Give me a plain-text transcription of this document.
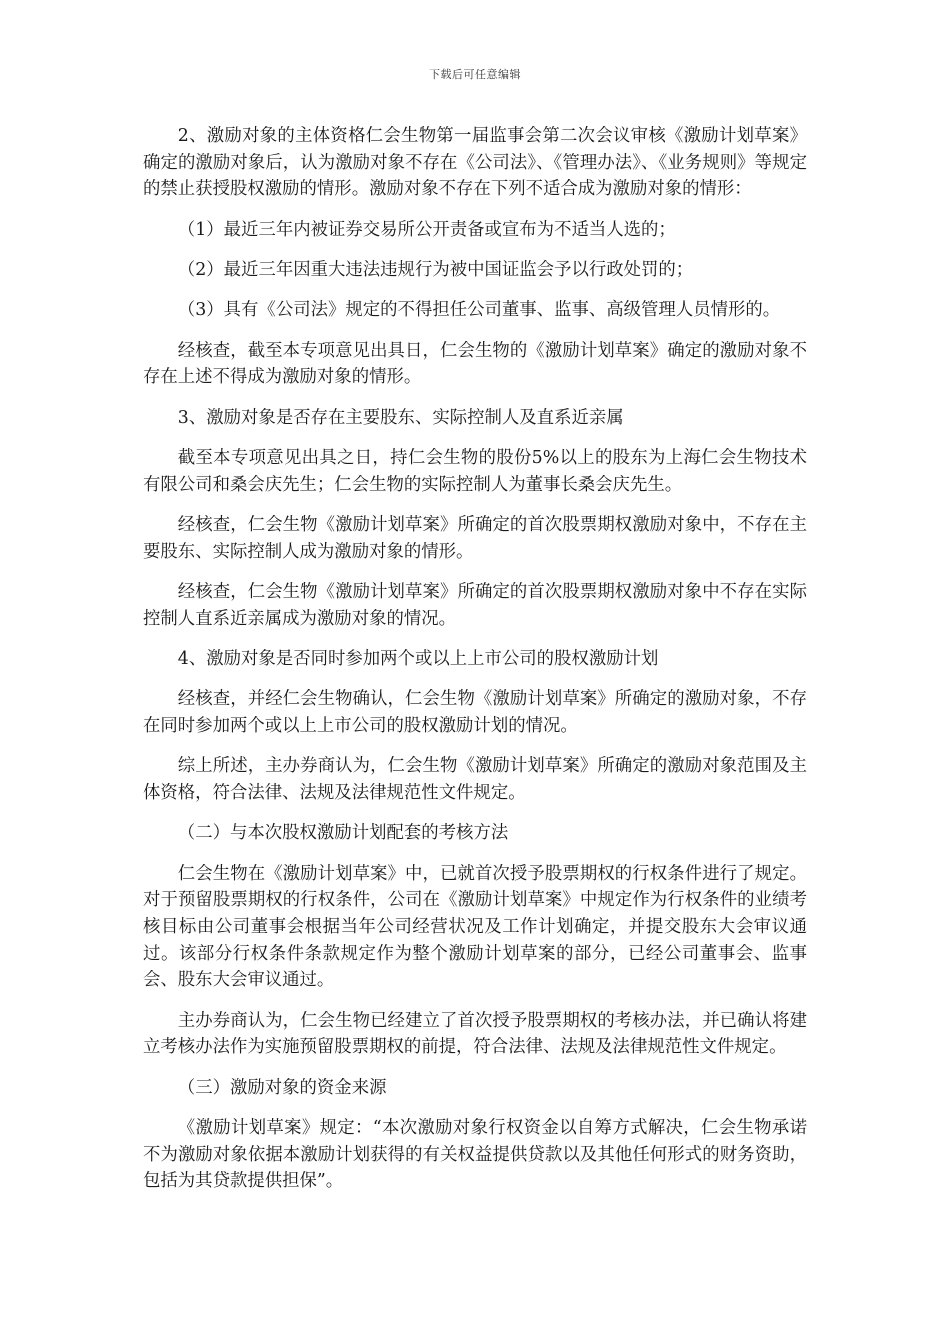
下载后可任意编辑

2、激励对象的主体资格仁会生物第一届监事会第二次会议审核《激励计划草案》确定的激励对象后，认为激励对象不存在《公司法》、《管理办法》、《业务规则》等规定的禁止获授股权激励的情形。激励对象不存在下列不适合成为激励对象的情形：

（1）最近三年内被证券交易所公开责备或宣布为不适当人选的；

（2）最近三年因重大违法违规行为被中国证监会予以行政处罚的；

（3）具有《公司法》规定的不得担任公司董事、监事、高级管理人员情形的。

经核查，截至本专项意见出具日，仁会生物的《激励计划草案》确定的激励对象不存在上述不得成为激励对象的情形。

3、激励对象是否存在主要股东、实际控制人及直系近亲属

截至本专项意见出具之日，持仁会生物的股份5%以上的股东为上海仁会生物技术有限公司和桑会庆先生；仁会生物的实际控制人为董事长桑会庆先生。

经核查，仁会生物《激励计划草案》所确定的首次股票期权激励对象中，不存在主要股东、实际控制人成为激励对象的情形。

经核查，仁会生物《激励计划草案》所确定的首次股票期权激励对象中不存在实际控制人直系近亲属成为激励对象的情况。

4、激励对象是否同时参加两个或以上上市公司的股权激励计划

经核查，并经仁会生物确认，仁会生物《激励计划草案》所确定的激励对象，不存在同时参加两个或以上上市公司的股权激励计划的情况。

综上所述，主办券商认为，仁会生物《激励计划草案》所确定的激励对象范围及主体资格，符合法律、法规及法律规范性文件规定。

（二）与本次股权激励计划配套的考核方法

仁会生物在《激励计划草案》中，已就首次授予股票期权的行权条件进行了规定。对于预留股票期权的行权条件，公司在《激励计划草案》中规定作为行权条件的业绩考核目标由公司董事会根据当年公司经营状况及工作计划确定，并提交股东大会审议通过。该部分行权条件条款规定作为整个激励计划草案的部分，已经公司董事会、监事会、股东大会审议通过。

主办券商认为，仁会生物已经建立了首次授予股票期权的考核办法，并已确认将建立考核办法作为实施预留股票期权的前提，符合法律、法规及法律规范性文件规定。

（三）激励对象的资金来源

《激励计划草案》规定：“本次激励对象行权资金以自筹方式解决，仁会生物承诺不为激励对象依据本激励计划获得的有关权益提供贷款以及其他任何形式的财务资助，包括为其贷款提供担保”。
